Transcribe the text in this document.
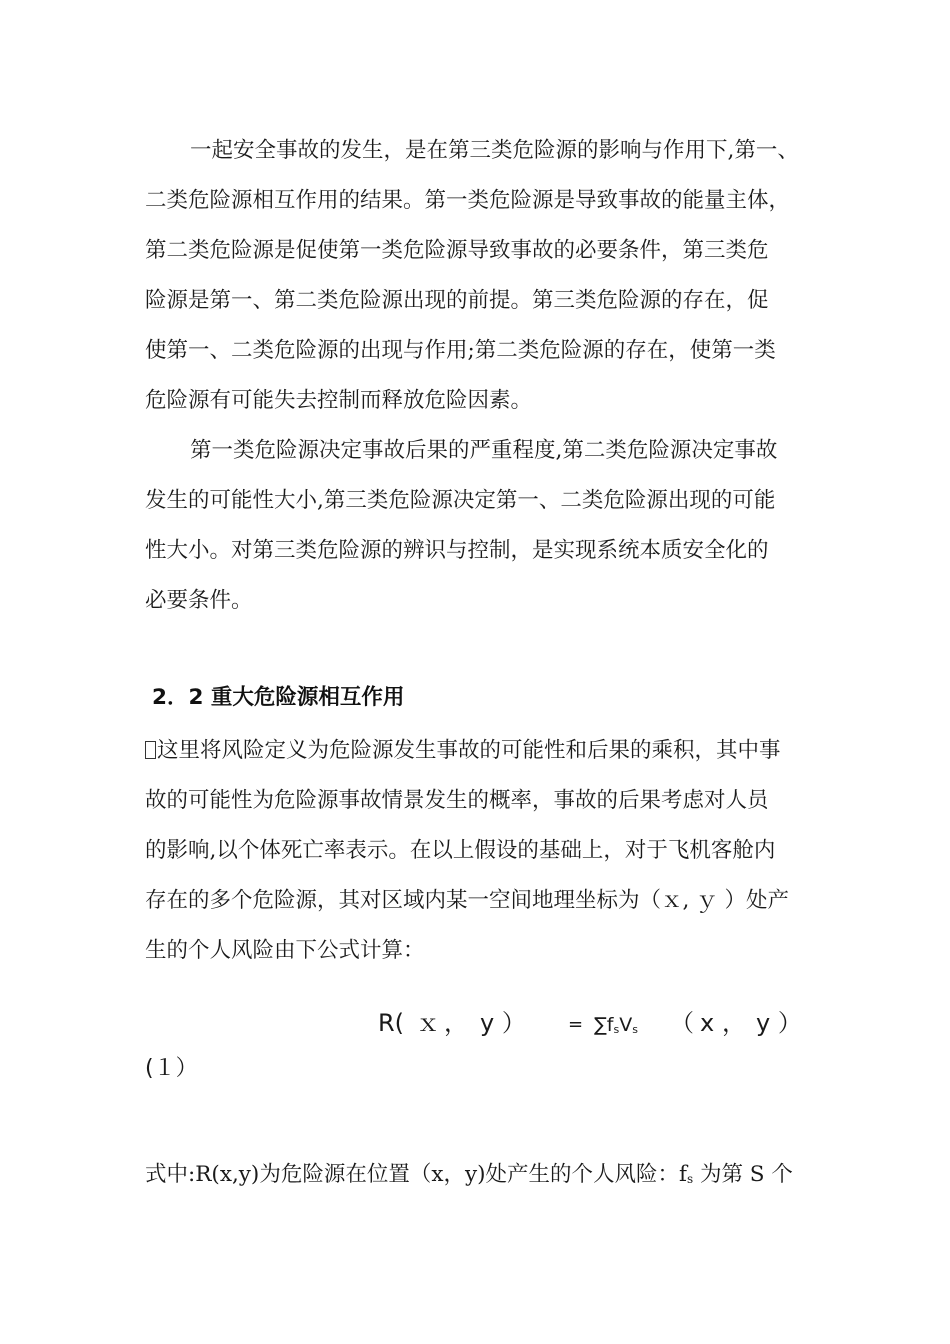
一起安全事故的发生，是在第三类危险源的影响与作用下,第一、
二类危险源相互作用的结果。第一类危险源是导致事故的能量主体，
第二类危险源是促使第一类危险源导致事故的必要条件，第三类危
险源是第一、第二类危险源出现的前提。第三类危险源的存在，促
使第一、二类危险源的出现与作用;第二类危险源的存在，使第一类
危险源有可能失去控制而释放危险因素。
第一类危险源决定事故后果的严重程度,第二类危险源决定事故
发生的可能性大小,第三类危险源决定第一、二类危险源出现的可能
性大小。对第三类危险源的辨识与控制，是实现系统本质安全化的
必要条件。
2．2 重大危险源相互作用
这里将风险定义为危险源发生事故的可能性和后果的乘积，其中事
故的可能性为危险源事故情景发生的概率，事故的后果考虑对人员
的影响,以个体死亡率表示。在以上假设的基础上，对于飞机客舱内
存在的多个危险源，其对区域内某一空间地理坐标为（ｘ, ｙ ）处产
生的个人风险由下公式计算：
R( ｘ ， y ） = $\sum f_sV_s$ （ x ， y ）
(１）
式中:R(x,y)为危险源在位置（x，y)处产生的个人风险：$f_s$ 为第 S 个
